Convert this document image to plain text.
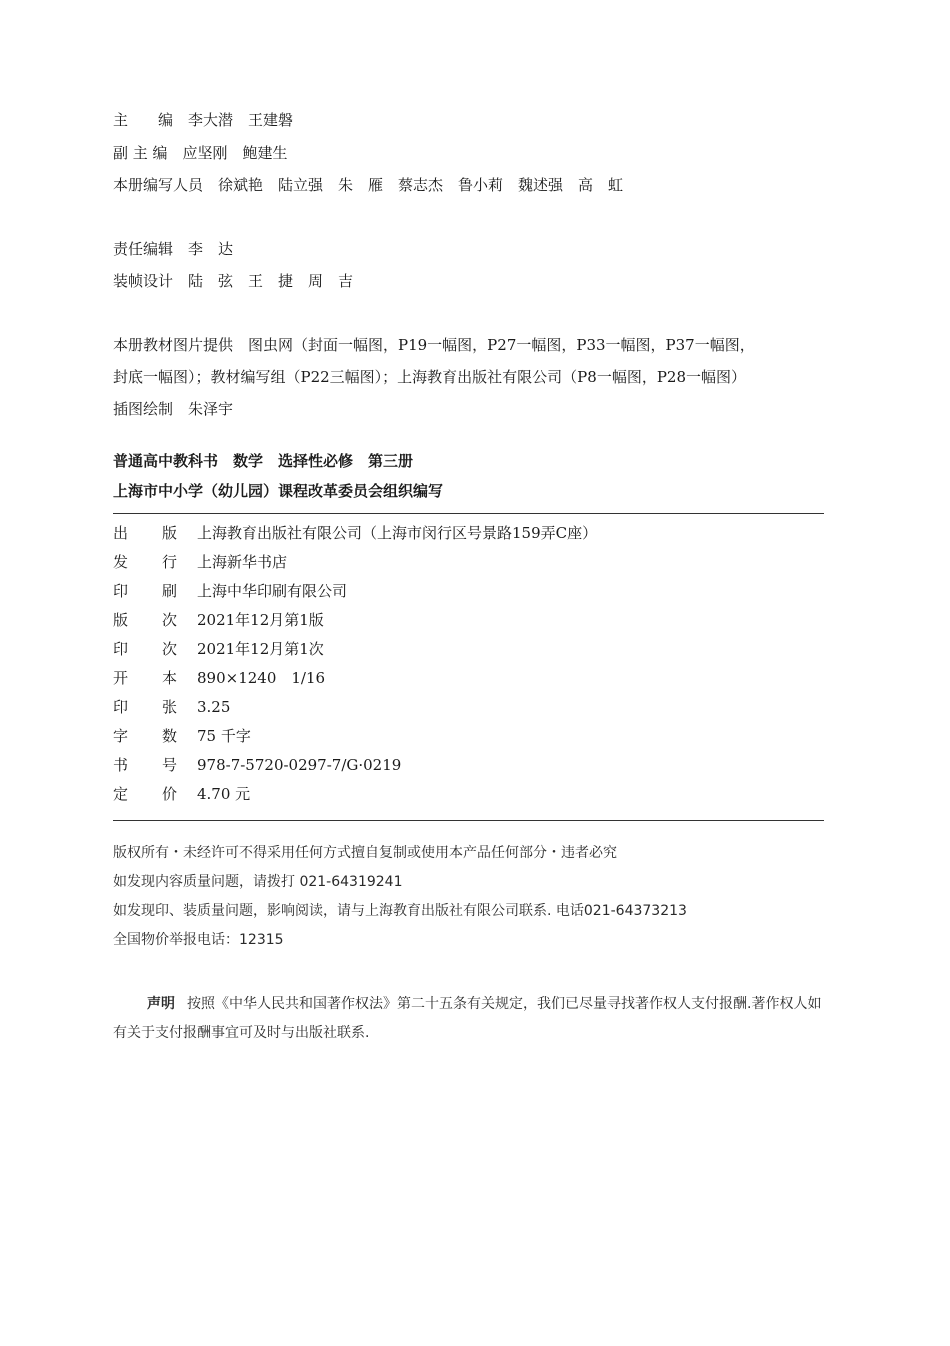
主　　编　李大潜　王建磐
副 主 编　应坚刚　鲍建生
本册编写人员　徐斌艳　陆立强　朱　雁　蔡志杰　鲁小莉　魏述强　高　虹
责任编辑　李　达
装帧设计　陆　弦　王　捷　周　吉
本册教材图片提供　图虫网（封面一幅图，P19一幅图，P27一幅图，P33一幅图，P37一幅图，
封底一幅图）；教材编写组（P22三幅图）；上海教育出版社有限公司（P8一幅图，P28一幅图）
插图绘制　朱泽宇
普通高中教科书　数学　选择性必修　第三册
上海市中小学（幼儿园）课程改革委员会组织编写
出 版 上海教育出版社有限公司（上海市闵行区号景路159弄C座）
发 行 上海新华书店
印 刷 上海中华印刷有限公司
版 次 2021年12月第1版
印 次 2021年12月第1次
开 本 890×1240　1/16
印 张 3.25
字 数 75 千字
书 号 978-7-5720-0297-7/G·0219
定 价 4.70 元
版权所有・未经许可不得采用任何方式擅自复制或使用本产品任何部分・违者必究
如发现内容质量问题，请拨打 021-64319241
如发现印、装质量问题，影响阅读，请与上海教育出版社有限公司联系. 电话021-64373213
全国物价举报电话：12315
声明 按照《中华人民共和国著作权法》第二十五条有关规定，我们已尽量寻找著作权人支付报酬.著作权人如有关于支付报酬事宜可及时与出版社联系.
